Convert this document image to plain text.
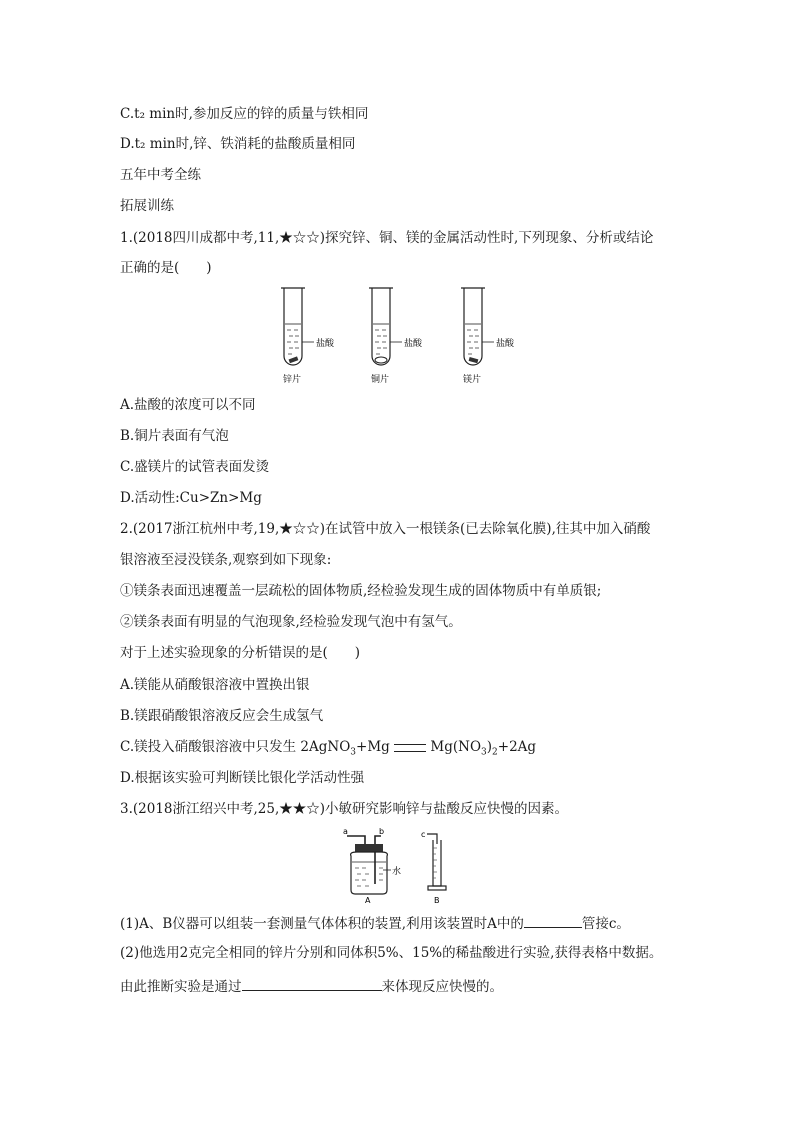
C.t₂ min时,参加反应的锌的质量与铁相同
D.t₂ min时,锌、铁消耗的盐酸质量相同
五年中考全练
拓展训练
1.(2018四川成都中考,11,★☆☆)探究锌、铜、镁的金属活动性时,下列现象、分析或结论
正确的是(　　)
盐酸
锌片
盐酸
铜片
盐酸
镁片
A.盐酸的浓度可以不同
B.铜片表面有气泡
C.盛镁片的试管表面发烫
D.活动性:Cu>Zn>Mg
2.(2017浙江杭州中考,19,★☆☆)在试管中放入一根镁条(已去除氧化膜),往其中加入硝酸
银溶液至浸没镁条,观察到如下现象:
①镁条表面迅速覆盖一层疏松的固体物质,经检验发现生成的固体物质中有单质银;
②镁条表面有明显的气泡现象,经检验发现气泡中有氢气。
对于上述实验现象的分析错误的是(　　)
A.镁能从硝酸银溶液中置换出银
B.镁跟硝酸银溶液反应会生成氢气
C.镁投入硝酸银溶液中只发生 2AgNO$_3$+Mg	$Mg(NO_3)_2+2Ag$
D.根据该实验可判断镁比银化学活动性强
3.(2018浙江绍兴中考,25,★★☆)小敏研究影响锌与盐酸反应快慢的因素。
a	b
水
A
c
B
(1)A、B仪器可以组装一套测量气体体积的装置,利用该装置时A中的	管接c。
(2)他选用2克完全相同的锌片分别和同体积5%、15%的稀盐酸进行实验,获得表格中数据。
由此推断实验是通过	来体现反应快慢的。
